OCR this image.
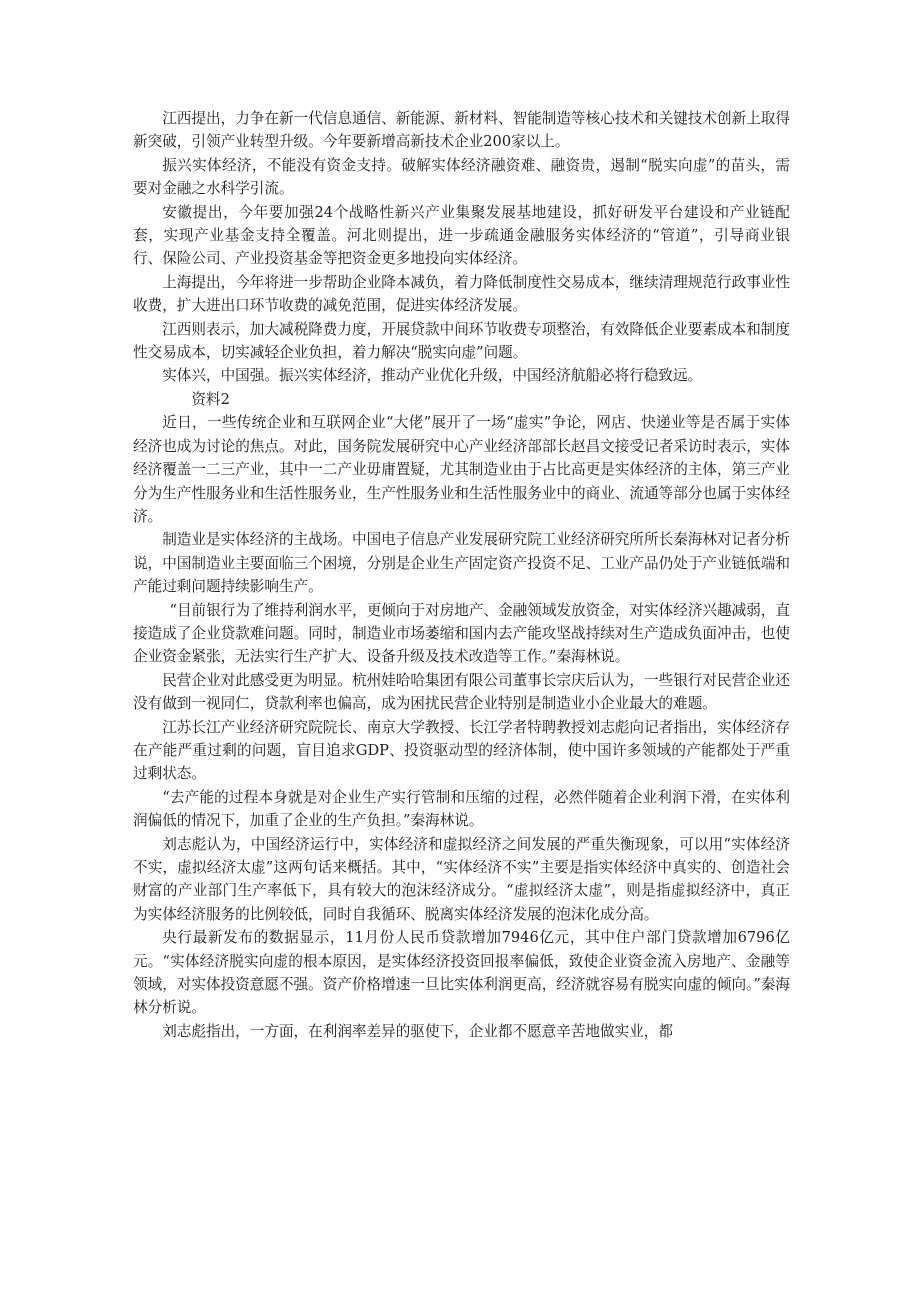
江西提出，力争在新一代信息通信、新能源、新材料、智能制造等核心技术和关键技术创新上取得新突破，引领产业转型升级。今年要新增高新技术企业200家以上。

振兴实体经济，不能没有资金支持。破解实体经济融资难、融资贵，遏制“脱实向虚”的苗头，需要对金融之水科学引流。

安徽提出，今年要加强24个战略性新兴产业集聚发展基地建设，抓好研发平台建设和产业链配套，实现产业基金支持全覆盖。河北则提出，进一步疏通金融服务实体经济的“管道”，引导商业银行、保险公司、产业投资基金等把资金更多地投向实体经济。

上海提出，今年将进一步帮助企业降本减负，着力降低制度性交易成本，继续清理规范行政事业性收费，扩大进出口环节收费的减免范围，促进实体经济发展。

江西则表示，加大减税降费力度，开展贷款中间环节收费专项整治，有效降低企业要素成本和制度性交易成本，切实减轻企业负担，着力解决“脱实向虚”问题。

实体兴，中国强。振兴实体经济，推动产业优化升级，中国经济航船必将行稳致远。

资料2

近日，一些传统企业和互联网企业“大佬”展开了一场“虚实”争论，网店、快递业等是否属于实体经济也成为讨论的焦点。对此，国务院发展研究中心产业经济部部长赵昌文接受记者采访时表示，实体经济覆盖一二三产业，其中一二产业毋庸置疑，尤其制造业由于占比高更是实体经济的主体，第三产业分为生产性服务业和生活性服务业，生产性服务业和生活性服务业中的商业、流通等部分也属于实体经济。

制造业是实体经济的主战场。中国电子信息产业发展研究院工业经济研究所所长秦海林对记者分析说，中国制造业主要面临三个困境，分别是企业生产固定资产投资不足、工业产品仍处于产业链低端和产能过剩问题持续影响生产。

“目前银行为了维持利润水平，更倾向于对房地产、金融领域发放资金，对实体经济兴趣减弱，直接造成了企业贷款难问题。同时，制造业市场萎缩和国内去产能攻坚战持续对生产造成负面冲击，也使企业资金紧张，无法实行生产扩大、设备升级及技术改造等工作。”秦海林说。

民营企业对此感受更为明显。杭州娃哈哈集团有限公司董事长宗庆后认为，一些银行对民营企业还没有做到一视同仁，贷款利率也偏高，成为困扰民营企业特别是制造业小企业最大的难题。

江苏长江产业经济研究院院长、南京大学教授、长江学者特聘教授刘志彪向记者指出，实体经济存在产能严重过剩的问题，盲目追求GDP、投资驱动型的经济体制，使中国许多领域的产能都处于严重过剩状态。

“去产能的过程本身就是对企业生产实行管制和压缩的过程，必然伴随着企业利润下滑，在实体利润偏低的情况下，加重了企业的生产负担。”秦海林说。

刘志彪认为，中国经济运行中，实体经济和虚拟经济之间发展的严重失衡现象，可以用“实体经济不实，虚拟经济太虚”这两句话来概括。其中，“实体经济不实”主要是指实体经济中真实的、创造社会财富的产业部门生产率低下，具有较大的泡沫经济成分。“虚拟经济太虚”，则是指虚拟经济中，真正为实体经济服务的比例较低，同时自我循环、脱离实体经济发展的泡沫化成分高。

央行最新发布的数据显示，11月份人民币贷款增加7946亿元，其中住户部门贷款增加6796亿元。“实体经济脱实向虚的根本原因，是实体经济投资回报率偏低，致使企业资金流入房地产、金融等领域，对实体投资意愿不强。资产价格增速一旦比实体利润更高，经济就容易有脱实向虚的倾向。”秦海林分析说。

刘志彪指出，一方面，在利润率差异的驱使下，企业都不愿意辛苦地做实业，都
